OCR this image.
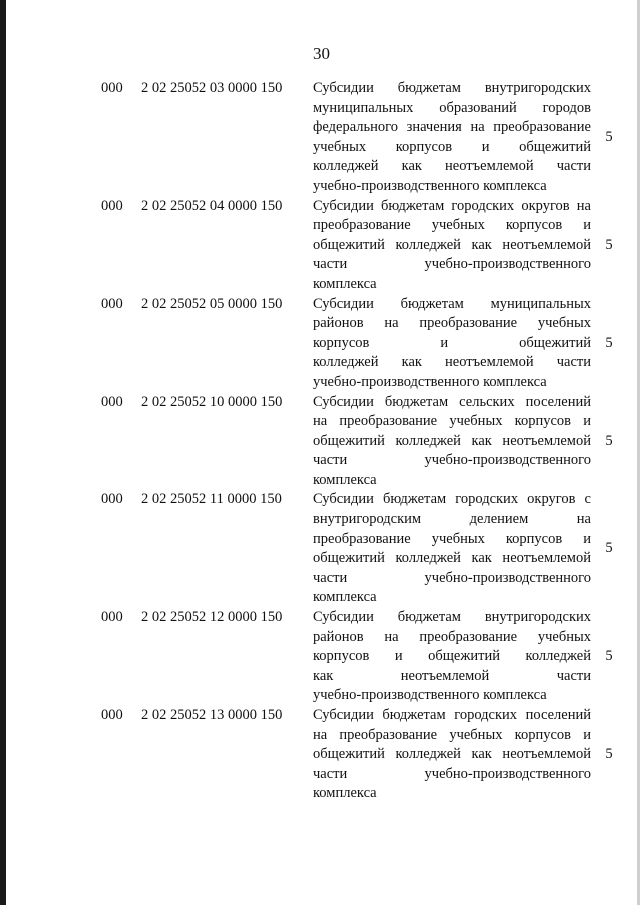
30
000	2 02 25052 03 0000 150	Субсидии бюджетам внутригородских
муниципальных образований городов
федерального значения на преобразование
учебных корпусов и общежитий
колледжей как неотъемлемой части
учебно-производственного комплекса
5
000	2 02 25052 04 0000 150	Субсидии бюджетам городских округов на
преобразование учебных корпусов и
общежитий колледжей как неотъемлемой
части учебно-производственного
комплекса
5
000	2 02 25052 05 0000 150	Субсидии бюджетам муниципальных
районов на преобразование учебных
корпусов и общежитий
колледжей как неотъемлемой части
учебно-производственного комплекса
5
000	2 02 25052 10 0000 150	Субсидии бюджетам сельских поселений
на преобразование учебных корпусов и
общежитий колледжей как неотъемлемой
части учебно-производственного
комплекса
5
000	2 02 25052 11 0000 150	Субсидии бюджетам городских округов с
внутригородским делением на
преобразование учебных корпусов и
общежитий колледжей как неотъемлемой
части учебно-производственного
комплекса
5
000	2 02 25052 12 0000 150	Субсидии бюджетам внутригородских
районов на преобразование учебных
корпусов и общежитий колледжей
как неотъемлемой части
учебно-производственного комплекса
5
000	2 02 25052 13 0000 150	Субсидии бюджетам городских поселений
на преобразование учебных корпусов и
общежитий колледжей как неотъемлемой
части учебно-производственного
комплекса
5
